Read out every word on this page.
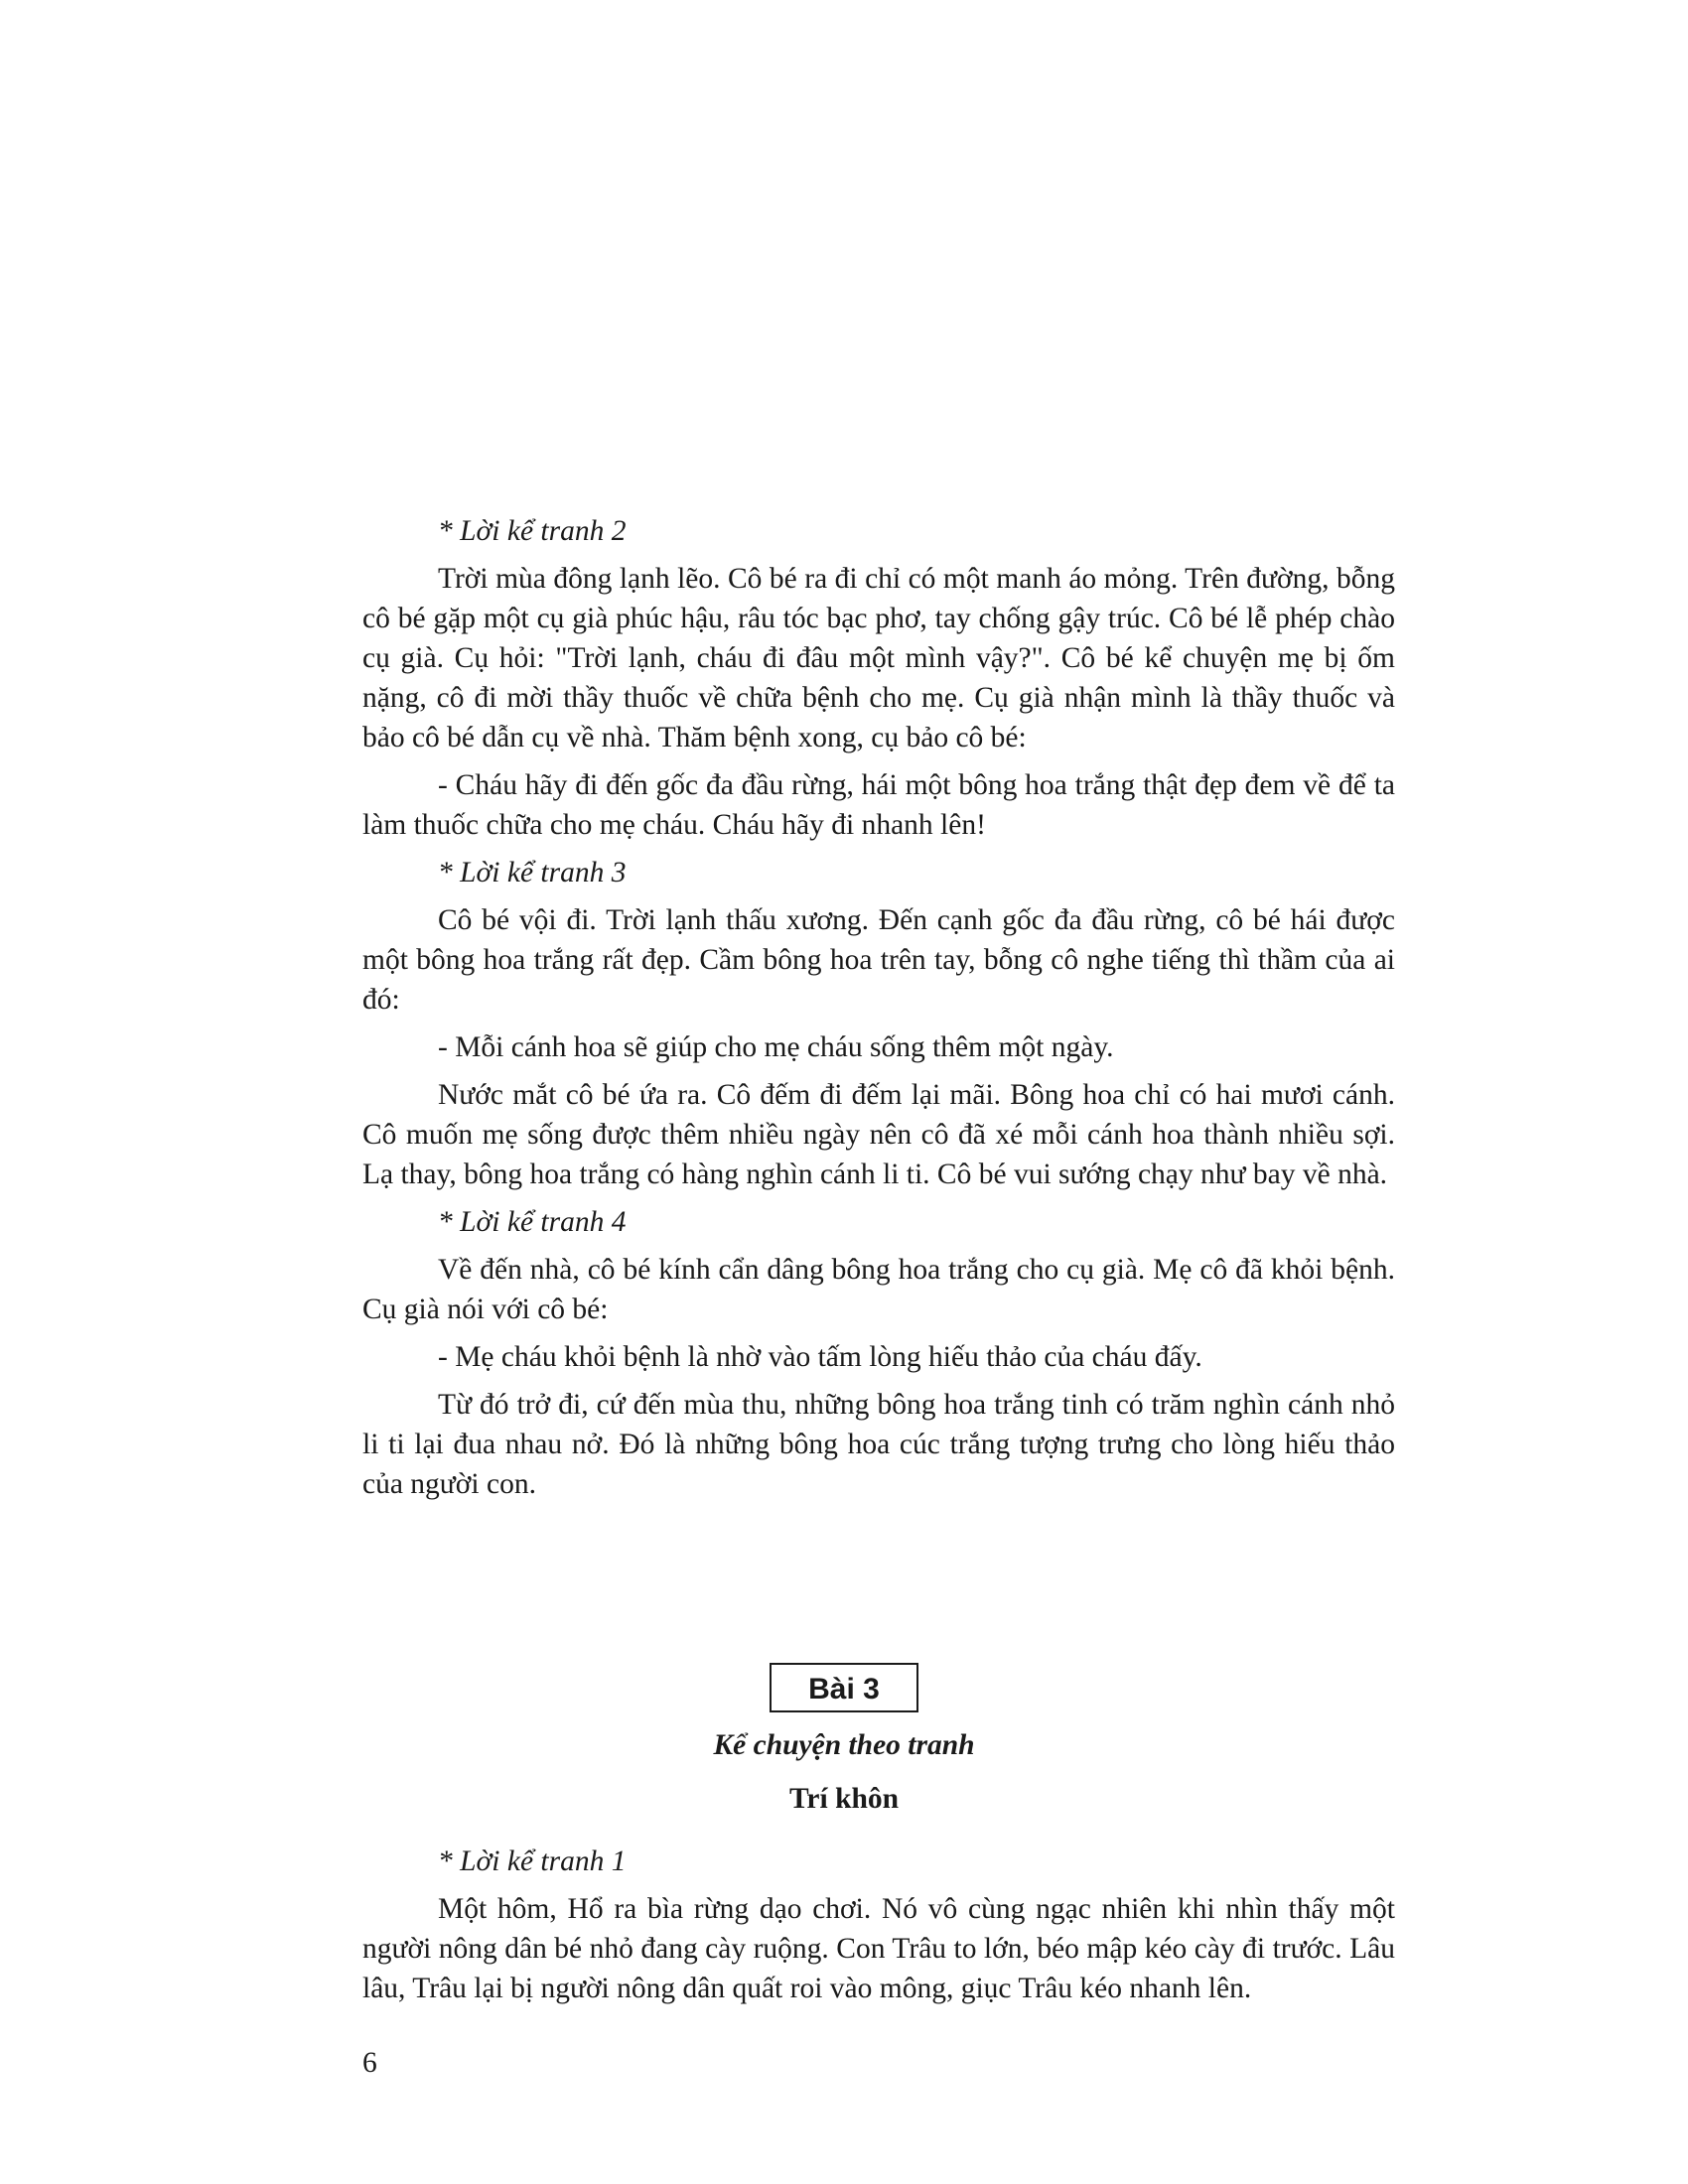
* Lời kể tranh 2

Trời mùa đông lạnh lẽo. Cô bé ra đi chỉ có một manh áo mỏng. Trên đường, bỗng cô bé gặp một cụ già phúc hậu, râu tóc bạc phơ, tay chống gậy trúc. Cô bé lễ phép chào cụ già. Cụ hỏi: "Trời lạnh, cháu đi đâu một mình vậy?". Cô bé kể chuyện mẹ bị ốm nặng, cô đi mời thầy thuốc về chữa bệnh cho mẹ. Cụ già nhận mình là thầy thuốc và bảo cô bé dẫn cụ về nhà. Thăm bệnh xong, cụ bảo cô bé:

- Cháu hãy đi đến gốc đa đầu rừng, hái một bông hoa trắng thật đẹp đem về để ta làm thuốc chữa cho mẹ cháu. Cháu hãy đi nhanh lên!

* Lời kể tranh 3

Cô bé vội đi. Trời lạnh thấu xương. Đến cạnh gốc đa đầu rừng, cô bé hái được một bông hoa trắng rất đẹp. Cầm bông hoa trên tay, bỗng cô nghe tiếng thì thầm của ai đó:

- Mỗi cánh hoa sẽ giúp cho mẹ cháu sống thêm một ngày.

Nước mắt cô bé ứa ra. Cô đếm đi đếm lại mãi. Bông hoa chỉ có hai mươi cánh. Cô muốn mẹ sống được thêm nhiều ngày nên cô đã xé mỗi cánh hoa thành nhiều sợi. Lạ thay, bông hoa trắng có hàng nghìn cánh li ti. Cô bé vui sướng chạy như bay về nhà.

* Lời kể tranh 4

Về đến nhà, cô bé kính cẩn dâng bông hoa trắng cho cụ già. Mẹ cô đã khỏi bệnh. Cụ già nói với cô bé:

- Mẹ cháu khỏi bệnh là nhờ vào tấm lòng hiếu thảo của cháu đấy.

Từ đó trở đi, cứ đến mùa thu, những bông hoa trắng tinh có trăm nghìn cánh nhỏ li ti lại đua nhau nở. Đó là những bông hoa cúc trắng tượng trưng cho lòng hiếu thảo của người con.

Bài 3
Kể chuyện theo tranh
Trí khôn

* Lời kể tranh 1

Một hôm, Hổ ra bìa rừng dạo chơi. Nó vô cùng ngạc nhiên khi nhìn thấy một người nông dân bé nhỏ đang cày ruộng. Con Trâu to lớn, béo mập kéo cày đi trước. Lâu lâu, Trâu lại bị người nông dân quất roi vào mông, giục Trâu kéo nhanh lên.

6
